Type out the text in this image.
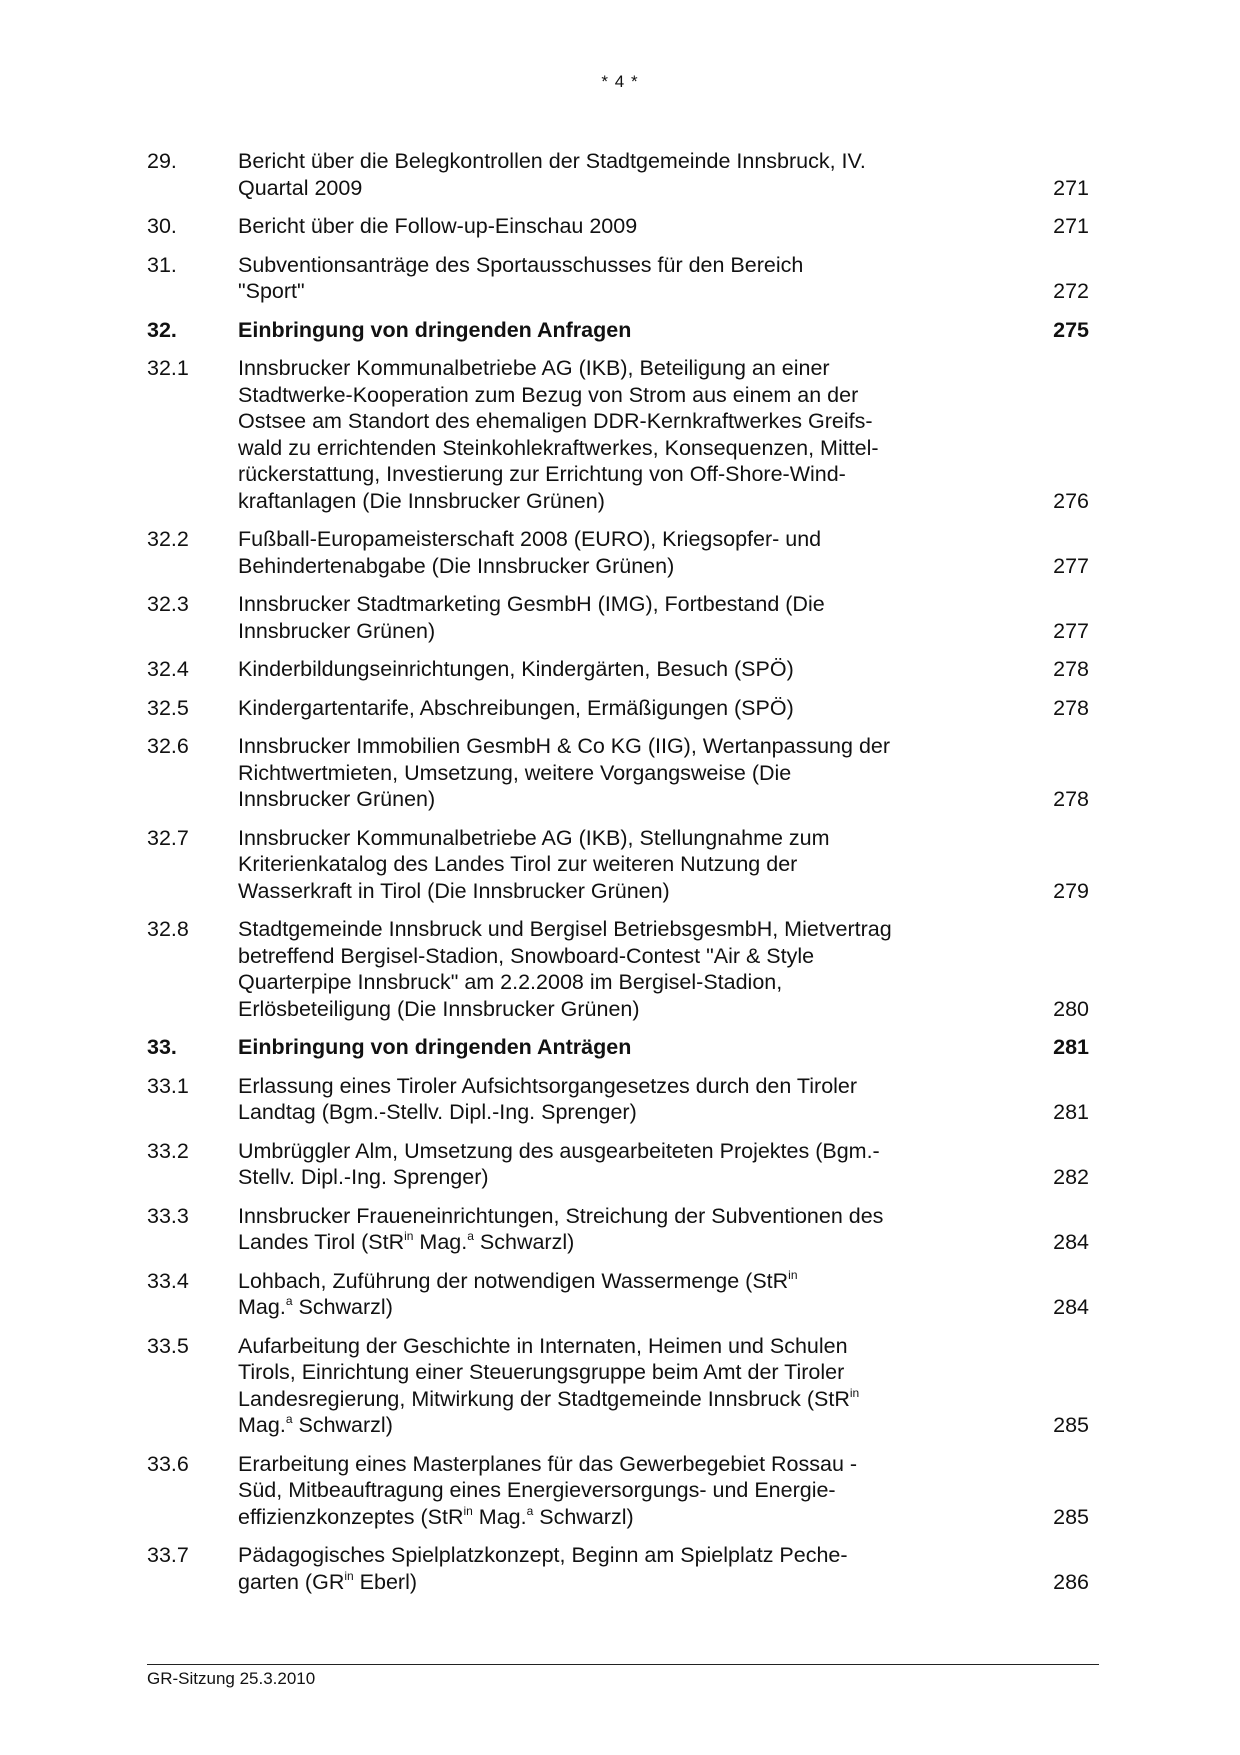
* 4 *
29.	Bericht über die Belegkontrollen der Stadtgemeinde Innsbruck, IV.
Quartal 2009	271
30.	Bericht über die Follow-up-Einschau 2009	271
31.	Subventionsanträge des Sportausschusses für den Bereich
"Sport"	272
32.	Einbringung von dringenden Anfragen	275
32.1	Innsbrucker Kommunalbetriebe AG (IKB), Beteiligung an einer
Stadtwerke-Kooperation zum Bezug von Strom aus einem an der
Ostsee am Standort des ehemaligen DDR-Kernkraftwerkes Greifs-
wald zu errichtenden Steinkohlekraftwerkes, Konsequenzen, Mittel-
rückerstattung, Investierung zur Errichtung von Off-Shore-Wind-
kraftanlagen (Die Innsbrucker Grünen)	276
32.2	Fußball-Europameisterschaft 2008 (EURO), Kriegsopfer- und
Behindertenabgabe (Die Innsbrucker Grünen)	277
32.3	Innsbrucker Stadtmarketing GesmbH (IMG), Fortbestand (Die
Innsbrucker Grünen)	277
32.4	Kinderbildungseinrichtungen, Kindergärten, Besuch (SPÖ)	278
32.5	Kindergartentarife, Abschreibungen, Ermäßigungen (SPÖ)	278
32.6	Innsbrucker Immobilien GesmbH & Co KG (IIG), Wertanpassung der
Richtwertmieten, Umsetzung, weitere Vorgangsweise (Die
Innsbrucker Grünen)	278
32.7	Innsbrucker Kommunalbetriebe AG (IKB), Stellungnahme zum
Kriterienkatalog des Landes Tirol zur weiteren Nutzung der
Wasserkraft in Tirol (Die Innsbrucker Grünen)	279
32.8	Stadtgemeinde Innsbruck und Bergisel BetriebsgesmbH, Mietvertrag
betreffend Bergisel-Stadion, Snowboard-Contest "Air & Style
Quarterpipe Innsbruck" am 2.2.2008 im Bergisel-Stadion,
Erlösbeteiligung (Die Innsbrucker Grünen)	280
33.	Einbringung von dringenden Anträgen	281
33.1	Erlassung eines Tiroler Aufsichtsorgangesetzes durch den Tiroler
Landtag (Bgm.-Stellv. Dipl.-Ing. Sprenger)	281
33.2	Umbrüggler Alm, Umsetzung des ausgearbeiteten Projektes (Bgm.-
Stellv. Dipl.-Ing. Sprenger)	282
33.3	Innsbrucker Fraueneinrichtungen, Streichung der Subventionen des
Landes Tirol (StR$^{in}$ Mag.$^a$ Schwarzl)	284
33.4	Lohbach, Zuführung der notwendigen Wassermenge (StR$^{in}$
Mag.$^a$ Schwarzl)	284
33.5	Aufarbeitung der Geschichte in Internaten, Heimen und Schulen
Tirols, Einrichtung einer Steuerungsgruppe beim Amt der Tiroler
Landesregierung, Mitwirkung der Stadtgemeinde Innsbruck (StR$^{in}$
Mag.$^a$ Schwarzl)	285
33.6	Erarbeitung eines Masterplanes für das Gewerbegebiet Rossau -
Süd, Mitbeauftragung eines Energieversorgungs- und Energie-
effizienzkonzeptes (StR$^{in}$ Mag.$^a$ Schwarzl)	285
33.7	Pädagogisches Spielplatzkonzept, Beginn am Spielplatz Peche-
garten ($GR^{in}$ Eberl)	286
GR-Sitzung 25.3.2010
